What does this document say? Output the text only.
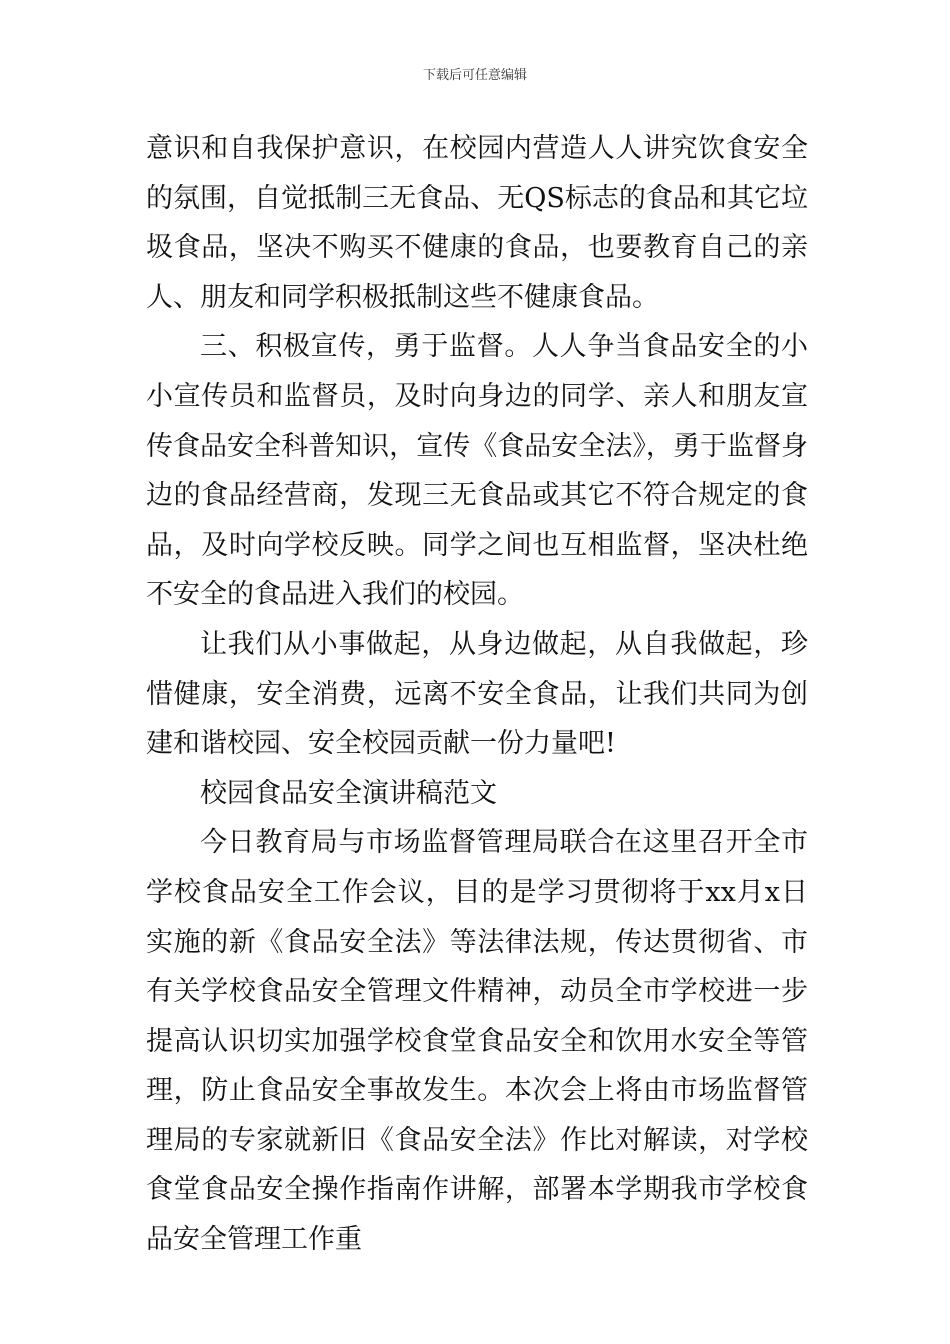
下载后可任意编辑

意识和自我保护意识，在校园内营造人人讲究饮食安全的氛围，自觉抵制三无食品、无QS标志的食品和其它垃圾食品，坚决不购买不健康的食品，也要教育自己的亲人、朋友和同学积极抵制这些不健康食品。

三、积极宣传，勇于监督。人人争当食品安全的小小宣传员和监督员，及时向身边的同学、亲人和朋友宣传食品安全科普知识，宣传《食品安全法》，勇于监督身边的食品经营商，发现三无食品或其它不符合规定的食品，及时向学校反映。同学之间也互相监督，坚决杜绝不安全的食品进入我们的校园。

让我们从小事做起，从身边做起，从自我做起，珍惜健康，安全消费，远离不安全食品，让我们共同为创建和谐校园、安全校园贡献一份力量吧!

校园食品安全演讲稿范文

今日教育局与市场监督管理局联合在这里召开全市学校食品安全工作会议，目的是学习贯彻将于xx月x日实施的新《食品安全法》等法律法规，传达贯彻省、市有关学校食品安全管理文件精神，动员全市学校进一步提高认识切实加强学校食堂食品安全和饮用水安全等管理，防止食品安全事故发生。本次会上将由市场监督管理局的专家就新旧《食品安全法》作比对解读，对学校食堂食品安全操作指南作讲解，部署本学期我市学校食品安全管理工作重
